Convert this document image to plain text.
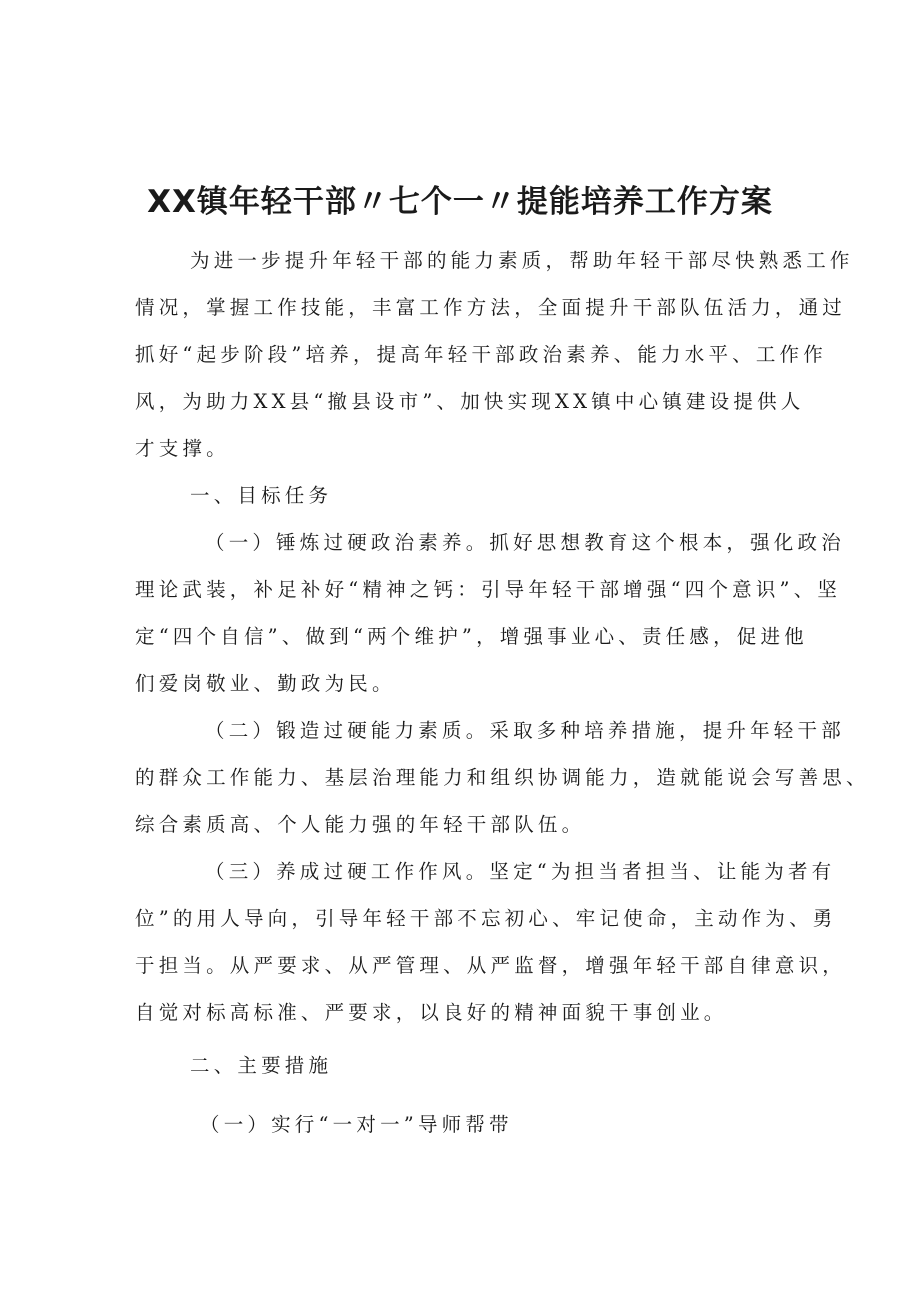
XX镇年轻干部〃七个一〃提能培养工作方案
为进一步提升年轻干部的能力素质，帮助年轻干部尽快熟悉工作
情况，掌握工作技能，丰富工作方法，全面提升干部队伍活力，通过
抓好“起步阶段”培养，提高年轻干部政治素养、能力水平、工作作
风，为助力XX县“撤县设市”、加快实现XX镇中心镇建设提供人
才支撑。
一、目标任务
（一）锤炼过硬政治素养。抓好思想教育这个根本，强化政治
理论武装，补足补好“精神之钙：引导年轻干部增强“四个意识”、坚
定“四个自信”、做到“两个维护”，增强事业心、责任感，促进他
们爱岗敬业、勤政为民。
（二）锻造过硬能力素质。采取多种培养措施，提升年轻干部
的群众工作能力、基层治理能力和组织协调能力，造就能说会写善思、
综合素质高、个人能力强的年轻干部队伍。
（三）养成过硬工作作风。坚定“为担当者担当、让能为者有
位”的用人导向，引导年轻干部不忘初心、牢记使命，主动作为、勇
于担当。从严要求、从严管理、从严监督，增强年轻干部自律意识，
自觉对标高标准、严要求，以良好的精神面貌干事创业。
二、主要措施
（一）实行“一对一”导师帮带
